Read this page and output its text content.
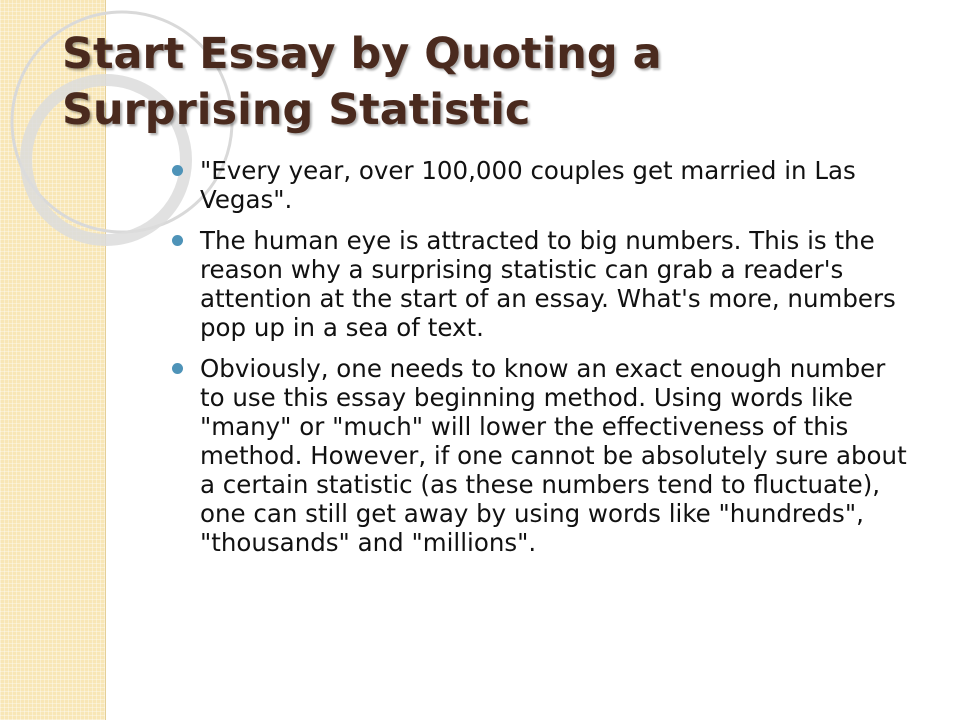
Start Essay by Quoting a
Surprising Statistic
"Every year, over 100,000 couples get married in Las Vegas".
The human eye is attracted to big numbers. This is the reason why a surprising statistic can grab a reader's attention at the start of an essay. What's more, numbers pop up in a sea of text.
Obviously, one needs to know an exact enough number to use this essay beginning method. Using words like "many" or "much" will lower the effectiveness of this method. However, if one cannot be absolutely sure about a certain statistic (as these numbers tend to fluctuate), one can still get away by using words like "hundreds", "thousands" and "millions".
